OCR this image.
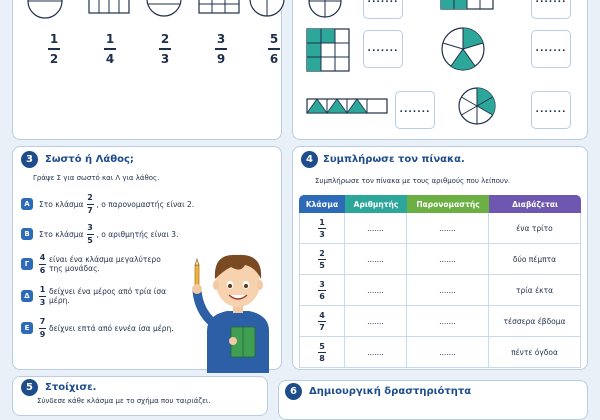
1
2
1
4
2
3
3
9
5
6
.......	.......
.......	.......
.......	.......
3	Σωστό ή Λάθος;
Γράψε Σ για σωστό και Λ για λάθος.
Α	Στο κλάσμα $\frac{2}{7}$ , ο παρονομαστής είναι 2.
Β	Στο κλάσμα $\frac{3}{5}$ , ο αριθμητής είναι 3.
Γ	$\frac{4}{6}$ είναι ένα κλάσμα μεγαλύτερο της μονάδας.
Δ	$\frac{1}{3}$ δείχνει ένα μέρος από τρία ίσα μέρη.
Ε	$\frac{7}{9}$ δείχνει επτά από εννέα ίσα μέρη.
4	Συμπλήρωσε τον πίνακα.
Συμπλήρωσε τον πίνακα με τους αριθμούς που λείπουν.
Κλάσμα	Αριθμητής	Παρονομαστής	Διαβάζεται

$\frac{1}{3}$	.......	.......	ένα τρίτο

$\frac{2}{5}$	.......	.......	δύο πέμπτα

$\frac{3}{6}$	.......	.......	τρία έκτα

$\frac{4}{7}$	.......	.......	τέσσερα έβδομα

$\frac{5}{8}$	.......	.......	πέντε όγδοα
5	Στοίχισε.
Σύνδεσε κάθε κλάσμα με το σχήμα που ταιριάζει.
6	Δημιουργική δραστηριότητα
